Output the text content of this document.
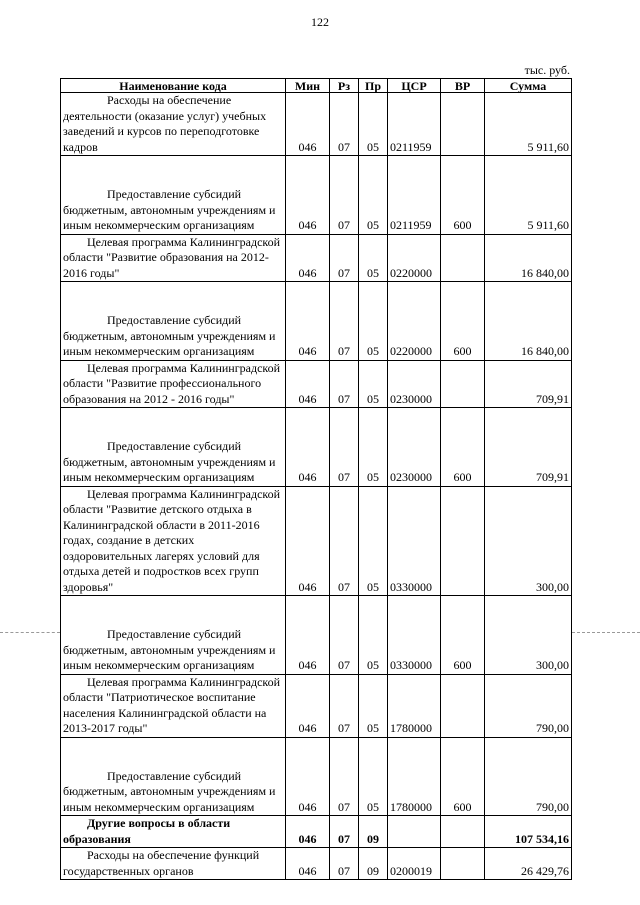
122
тыс. руб.
Наименование кода	Мин	Рз	Пр	ЦСР	ВР	Сумма

Расходы на обеспечение деятельности (оказание услуг) учебных заведений и курсов по переподготовке кадров	046	07	05	0211959		5 911,60

Предоставление субсидий бюджетным, автономным учреждениям и иным некоммерческим организациям	046	07	05	0211959	600	5 911,60

Целевая программа Калининградской области "Развитие образования на 2012-2016 годы"	046	07	05	0220000		16 840,00

Предоставление субсидий бюджетным, автономным учреждениям и иным некоммерческим организациям	046	07	05	0220000	600	16 840,00

Целевая программа Калининградской области "Развитие профессионального образования на 2012 - 2016 годы"	046	07	05	0230000		709,91

Предоставление субсидий бюджетным, автономным учреждениям и иным некоммерческим организациям	046	07	05	0230000	600	709,91

Целевая программа Калининградской области "Развитие детского отдыха в Калининградской области в 2011-2016 годах, создание в детских оздоровительных лагерях условий для отдыха детей и подростков всех групп здоровья"	046	07	05	0330000		300,00

Предоставление субсидий бюджетным, автономным учреждениям и иным некоммерческим организациям	046	07	05	0330000	600	300,00

Целевая программа Калининградской области "Патриотическое воспитание населения Калининградской области на 2013-2017 годы"	046	07	05	1780000		790,00

Предоставление субсидий бюджетным, автономным учреждениям и иным некоммерческим организациям	046	07	05	1780000	600	790,00

Другие вопросы в области образования	046	07	09			107 534,16

Расходы на обеспечение функций государственных органов	046	07	09	0200019		26 429,76
